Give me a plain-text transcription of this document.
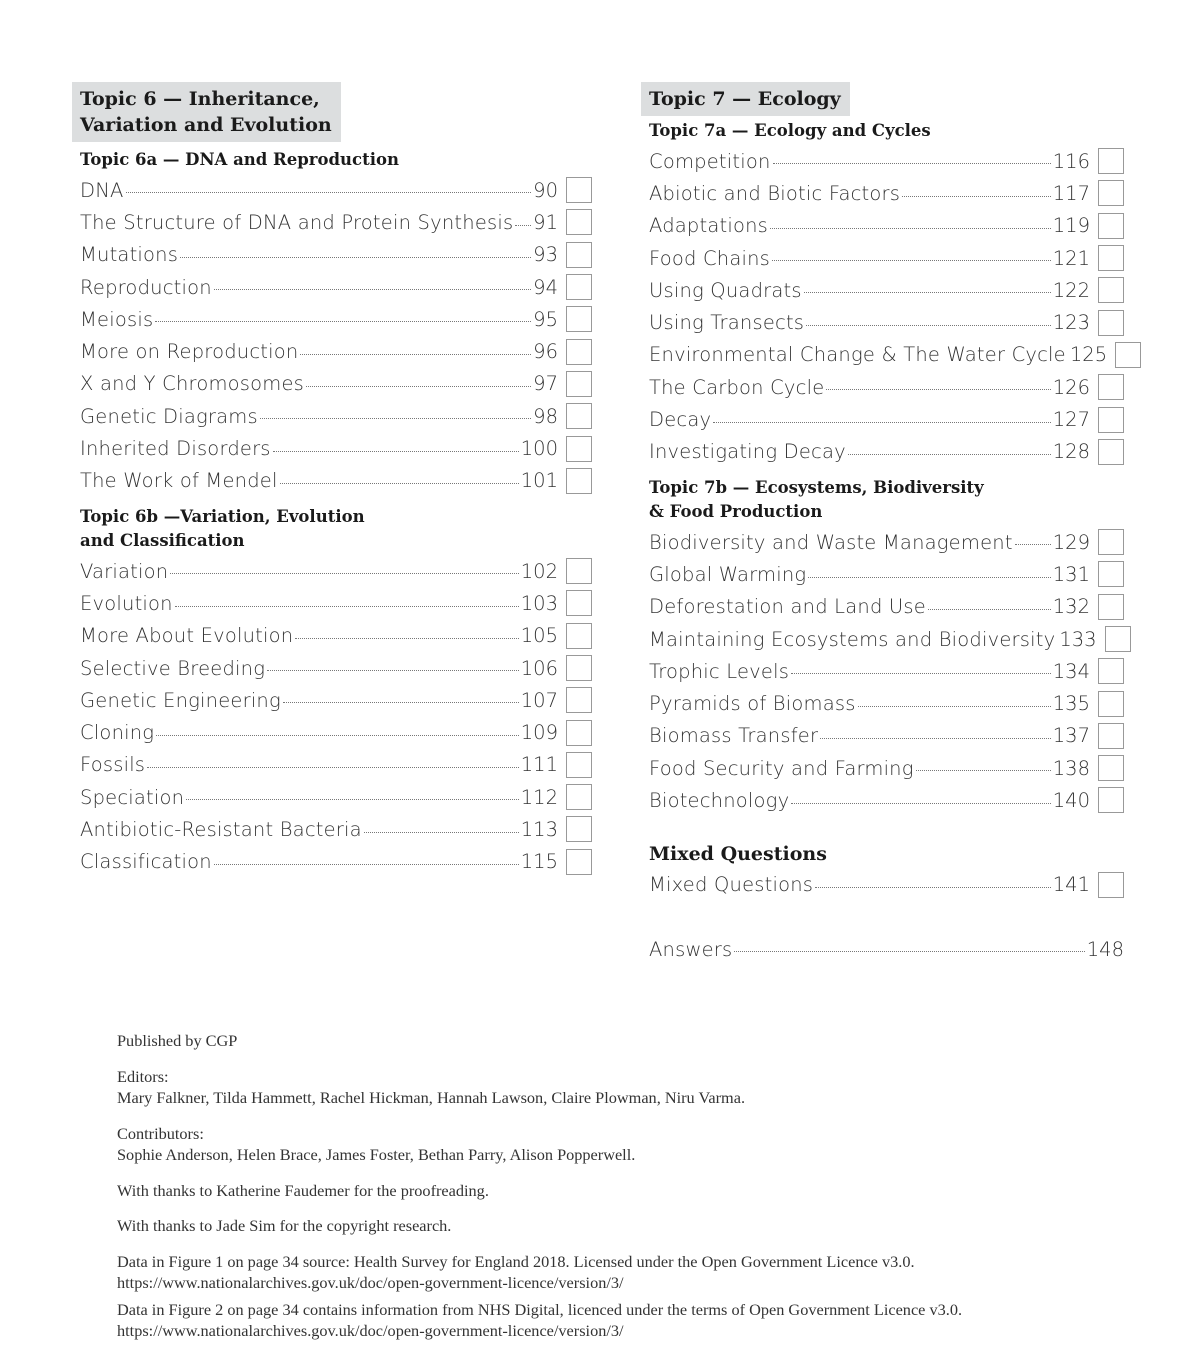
Topic 6 — Inheritance,
Variation and Evolution
Topic 6a — DNA and Reproduction
DNA	90
The Structure of DNA and Protein Synthesis 91
Mutations	93
Reproduction	94
Meiosis	95
More on Reproduction	96
X and Y Chromosomes	97
Genetic Diagrams	98
Inherited Disorders	100
The Work of Mendel	101
Topic 6b —Variation, Evolution
and Classification
Variation	102
Evolution	103
More About Evolution	105
Selective Breeding	106
Genetic Engineering	107
Cloning	109
Fossils	111
Speciation	112
Antibiotic-Resistant Bacteria	113
Classification	115
Topic 7 — Ecology
Topic 7a — Ecology and Cycles
Competition	116
Abiotic and Biotic Factors	117
Adaptations	119
Food Chains	121
Using Quadrats	122
Using Transects	123
Environmental Change & The Water Cycle 125
The Carbon Cycle	126
Decay	127
Investigating Decay	128
Topic 7b — Ecosystems, Biodiversity
& Food Production
Biodiversity and Waste Management 129
Global Warming	131
Deforestation and Land Use	132
Maintaining Ecosystems and Biodiversity 133
Trophic Levels	134
Pyramids of Biomass	135
Biomass Transfer	137
Food Security and Farming	138
Biotechnology	140
Mixed Questions
Mixed Questions	141
Answers	148

Published by CGP

Editors:
Mary Falkner, Tilda Hammett, Rachel Hickman, Hannah Lawson, Claire Plowman, Niru Varma.

Contributors:
Sophie Anderson, Helen Brace, James Foster, Bethan Parry, Alison Popperwell.

With thanks to Katherine Faudemer for the proofreading.

With thanks to Jade Sim for the copyright research.

Data in Figure 1 on page 34 source: Health Survey for England 2018. Licensed under the Open Government Licence v3.0.
https://www.nationalarchives.gov.uk/doc/open-government-licence/version/3/

Data in Figure 2 on page 34 contains information from NHS Digital, licenced under the terms of Open Government Licence v3.0.
https://www.nationalarchives.gov.uk/doc/open-government-licence/version/3/
